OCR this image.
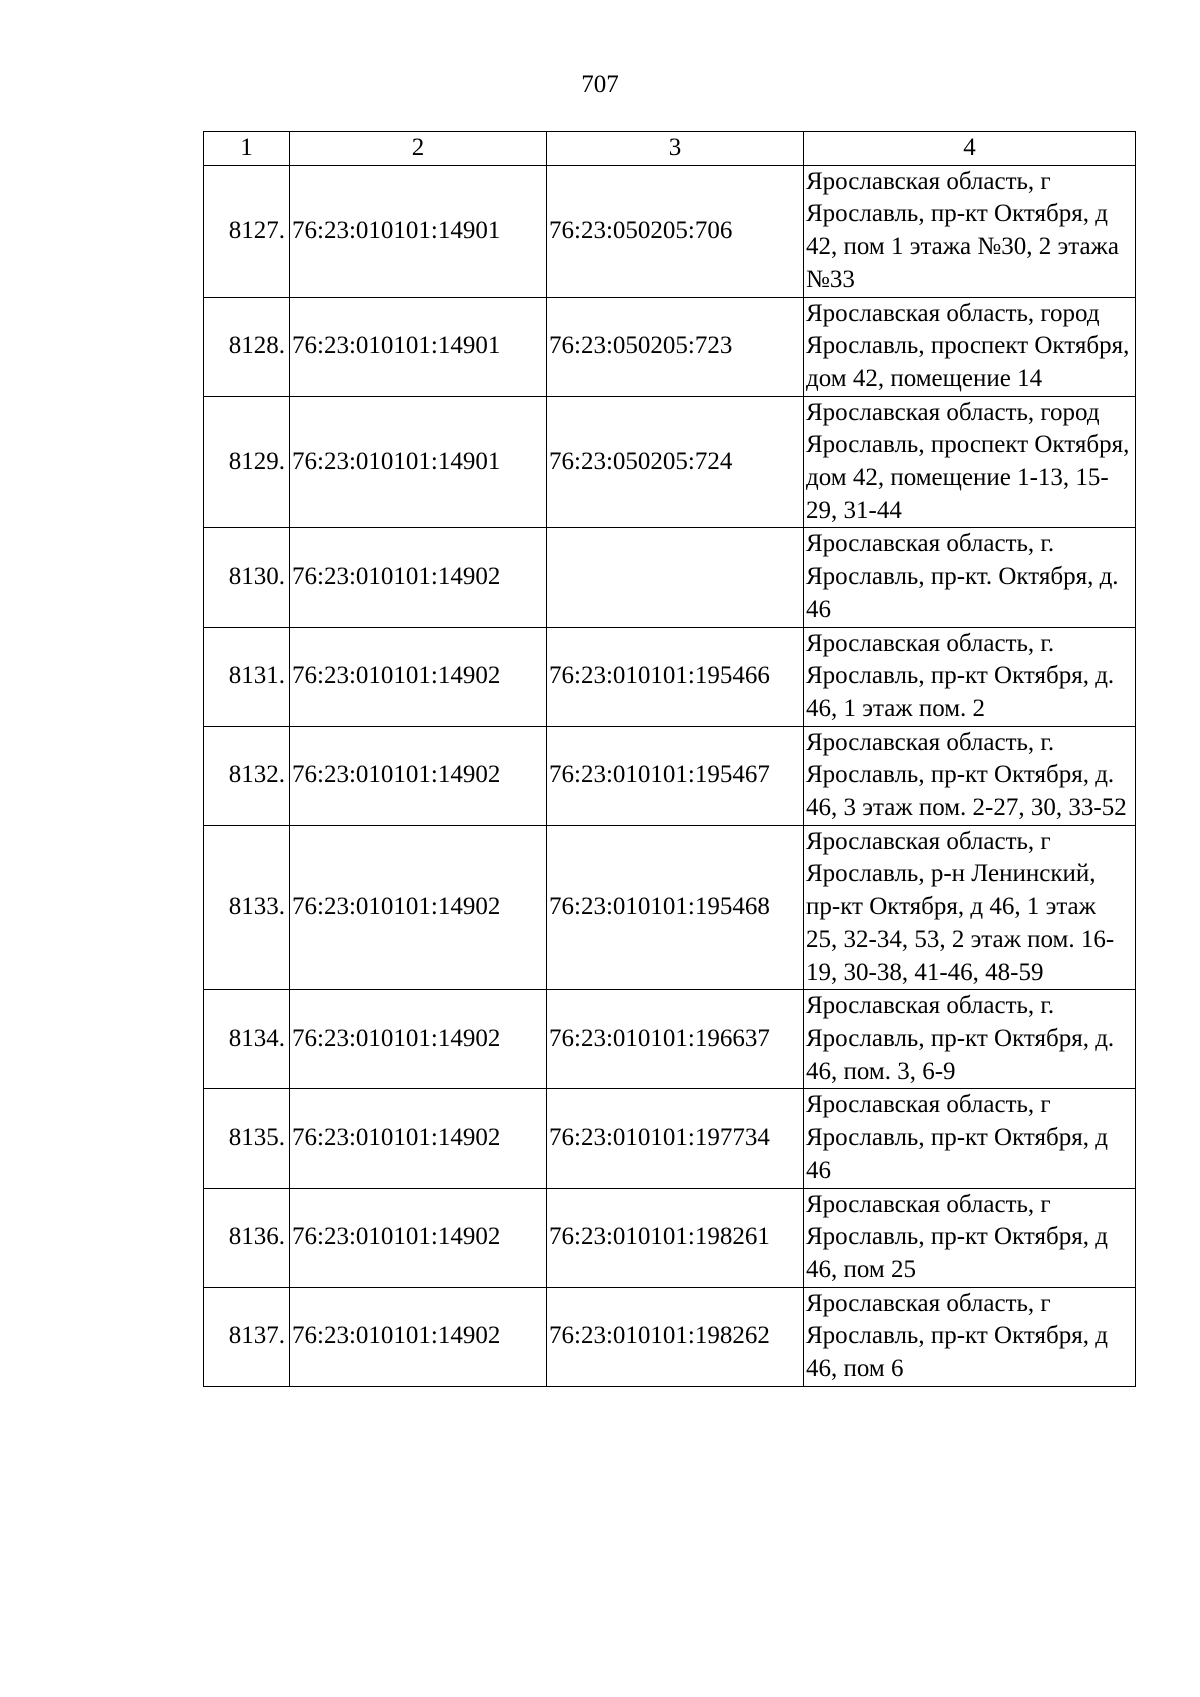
707
1	2	3	4
8127.	76:23:010101:14901	76:23:050205:706	Ярославская область, г Ярославль, пр-кт Октября, д 42, пом 1 этажа №30, 2 этажа №33
8128.	76:23:010101:14901	76:23:050205:723	Ярославская область, город Ярославль, проспект Октября, дом 42, помещение 14
8129.	76:23:010101:14901	76:23:050205:724	Ярославская область, город Ярославль, проспект Октября, дом 42, помещение 1-13, 15-29, 31-44
8130.	76:23:010101:14902		Ярославская область, г. Ярославль, пр-кт. Октября, д. 46
8131.	76:23:010101:14902	76:23:010101:195466	Ярославская область, г. Ярославль, пр-кт Октября, д. 46, 1 этаж пом. 2
8132.	76:23:010101:14902	76:23:010101:195467	Ярославская область, г. Ярославль, пр-кт Октября, д. 46, 3 этаж пом. 2-27, 30, 33-52
8133.	76:23:010101:14902	76:23:010101:195468	Ярославская область, г Ярославль, р-н Ленинский, пр-кт Октября, д 46, 1 этаж 25, 32-34, 53, 2 этаж пом. 16-19, 30-38, 41-46, 48-59
8134.	76:23:010101:14902	76:23:010101:196637	Ярославская область, г. Ярославль, пр-кт Октября, д. 46, пом. 3, 6-9
8135.	76:23:010101:14902	76:23:010101:197734	Ярославская область, г Ярославль, пр-кт Октября, д 46
8136.	76:23:010101:14902	76:23:010101:198261	Ярославская область, г Ярославль, пр-кт Октября, д 46, пом 25
8137.	76:23:010101:14902	76:23:010101:198262	Ярославская область, г Ярославль, пр-кт Октября, д 46, пом 6
